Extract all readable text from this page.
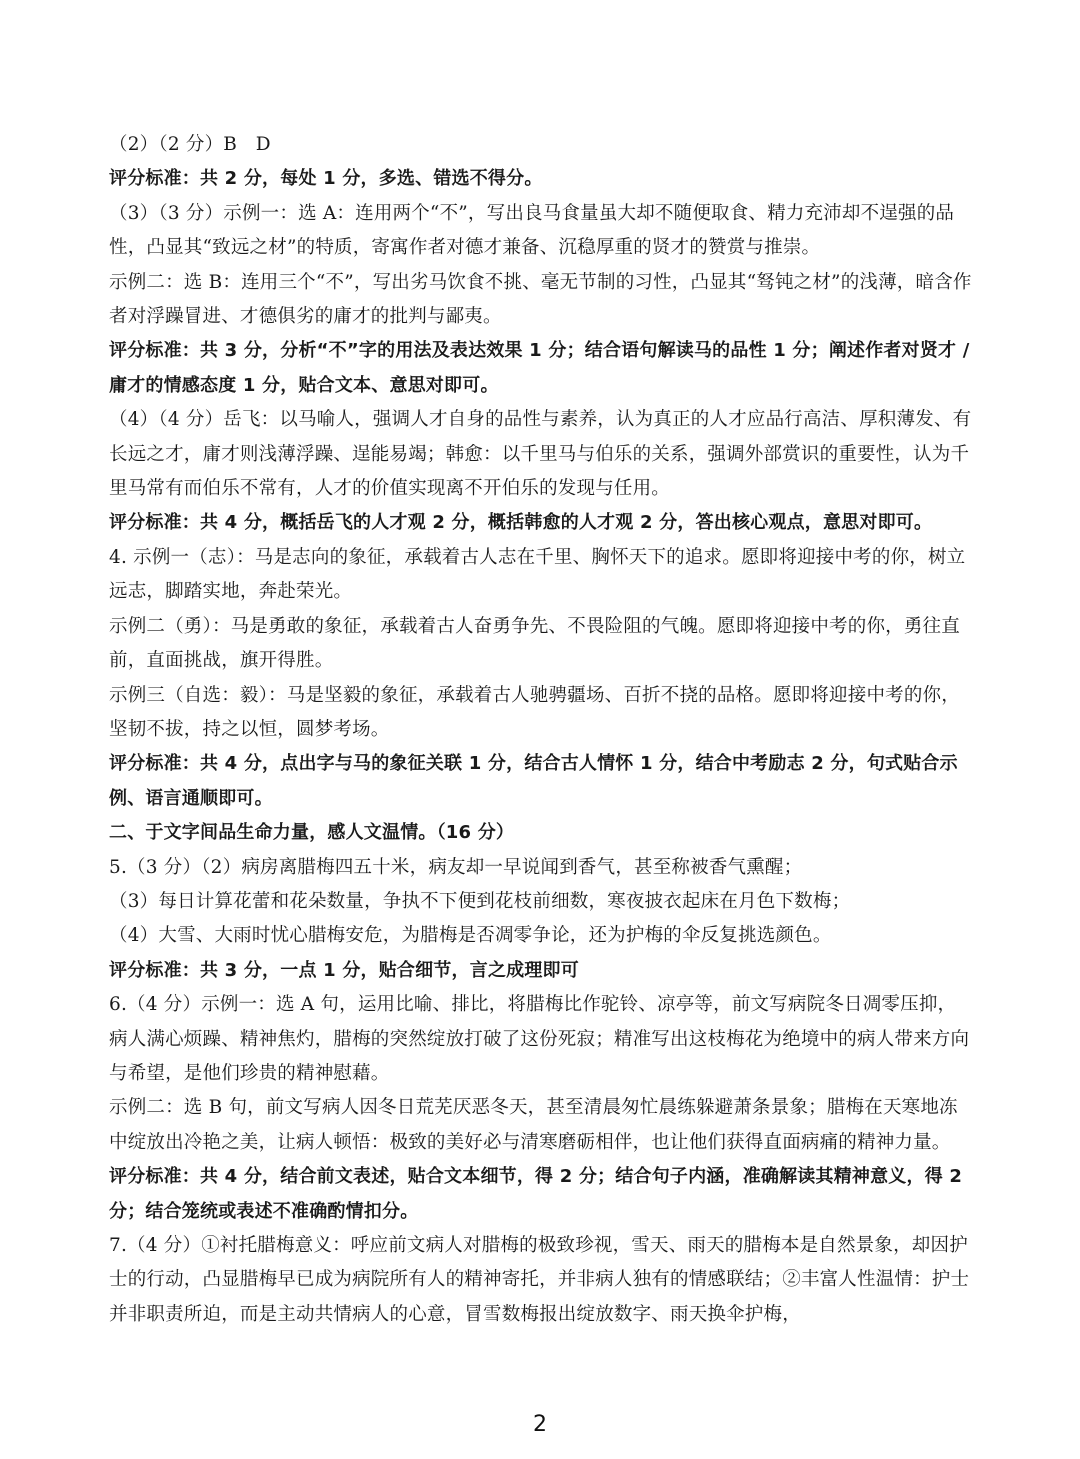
（2）（2 分）B　D

评分标准：共 2 分，每处 1 分，多选、错选不得分。

（3）（3 分）示例一：选 A：连用两个“不”，写出良马食量虽大却不随便取食、精力充沛却不逞强的品性，凸显其“致远之材”的特质，寄寓作者对德才兼备、沉稳厚重的贤才的赞赏与推崇。

示例二：选 B：连用三个“不”，写出劣马饮食不挑、毫无节制的习性，凸显其“驽钝之材”的浅薄，暗含作者对浮躁冒进、才德俱劣的庸才的批判与鄙夷。

评分标准：共 3 分，分析“不”字的用法及表达效果 1 分；结合语句解读马的品性 1 分；阐述作者对贤才 / 庸才的情感态度 1 分，贴合文本、意思对即可。

（4）（4 分）岳飞：以马喻人，强调人才自身的品性与素养，认为真正的人才应品行高洁、厚积薄发、有长远之才，庸才则浅薄浮躁、逞能易竭；韩愈：以千里马与伯乐的关系，强调外部赏识的重要性，认为千里马常有而伯乐不常有，人才的价值实现离不开伯乐的发现与任用。

评分标准：共 4 分，概括岳飞的人才观 2 分，概括韩愈的人才观 2 分，答出核心观点，意思对即可。

4. 示例一（志）：马是志向的象征，承载着古人志在千里、胸怀天下的追求。愿即将迎接中考的你，树立远志，脚踏实地，奔赴荣光。

示例二（勇）：马是勇敢的象征，承载着古人奋勇争先、不畏险阻的气魄。愿即将迎接中考的你，勇往直前，直面挑战，旗开得胜。

示例三（自选：毅）：马是坚毅的象征，承载着古人驰骋疆场、百折不挠的品格。愿即将迎接中考的你，坚韧不拔，持之以恒，圆梦考场。

评分标准：共 4 分，点出字与马的象征关联 1 分，结合古人情怀 1 分，结合中考励志 2 分，句式贴合示例、语言通顺即可。

二、于文字间品生命力量，感人文温情。（16 分）

5.（3 分）（2）病房离腊梅四五十米，病友却一早说闻到香气，甚至称被香气熏醒；

（3）每日计算花蕾和花朵数量，争执不下便到花枝前细数，寒夜披衣起床在月色下数梅；

（4）大雪、大雨时忧心腊梅安危，为腊梅是否凋零争论，还为护梅的伞反复挑选颜色。

评分标准：共 3 分，一点 1 分，贴合细节，言之成理即可

6.（4 分）示例一：选 A 句，运用比喻、排比，将腊梅比作驼铃、凉亭等，前文写病院冬日凋零压抑，病人满心烦躁、精神焦灼，腊梅的突然绽放打破了这份死寂；精准写出这枝梅花为绝境中的病人带来方向与希望，是他们珍贵的精神慰藉。

示例二：选 B 句，前文写病人因冬日荒芜厌恶冬天，甚至清晨匆忙晨练躲避萧条景象；腊梅在天寒地冻中绽放出冷艳之美，让病人顿悟：极致的美好必与清寒磨砺相伴，也让他们获得直面病痛的精神力量。

评分标准：共 4 分，结合前文表述，贴合文本细节，得 2 分；结合句子内涵，准确解读其精神意义，得 2 分；结合笼统或表述不准确酌情扣分。

7.（4 分）①衬托腊梅意义：呼应前文病人对腊梅的极致珍视，雪天、雨天的腊梅本是自然景象，却因护士的行动，凸显腊梅早已成为病院所有人的精神寄托，并非病人独有的情感联结；②丰富人性温情：护士并非职责所迫，而是主动共情病人的心意，冒雪数梅报出绽放数字、雨天换伞护梅，

2
